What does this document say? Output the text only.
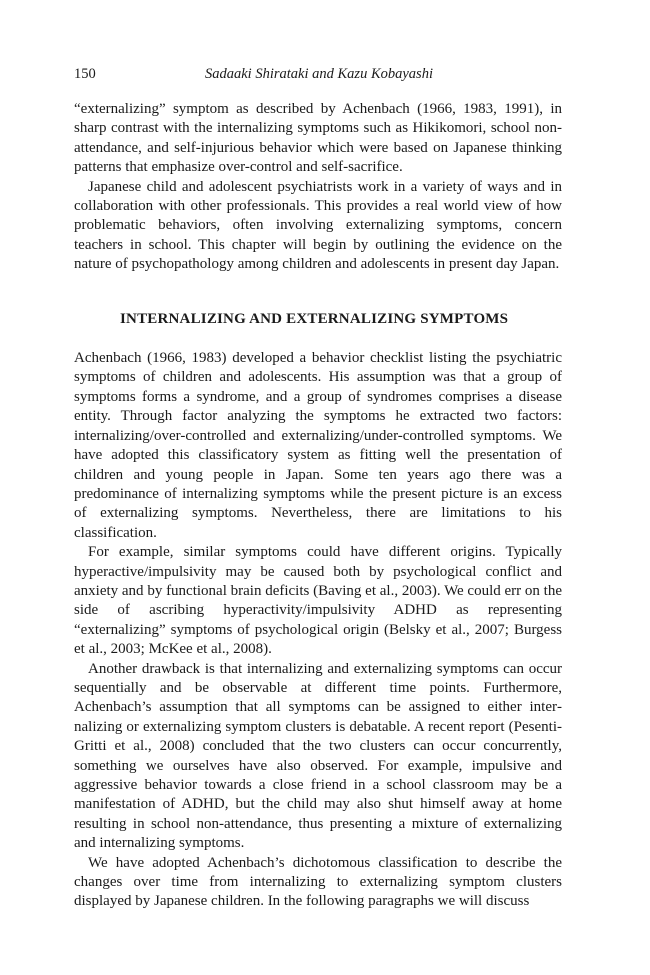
150	Sadaaki Shirataki and Kazu Kobayashi

“externalizing” symptom as described by Achenbach (1966, 1983, 1991), in sharp contrast with the internalizing symptoms such as Hikikomori, school non-attendance, and self-injurious behavior which were based on Japanese thinking patterns that emphasize over-control and self-sacrifice.

Japanese child and adolescent psychiatrists work in a variety of ways and in collaboration with other professionals. This provides a real world view of how problematic behaviors, often involving externalizing symptoms, concern teachers in school. This chapter will begin by outlining the evidence on the nature of psychopathology among children and adolescents in present day Japan.

INTERNALIZING AND EXTERNALIZING SYMPTOMS

Achenbach (1966, 1983) developed a behavior checklist listing the psychiatric symptoms of children and adolescents. His assumption was that a group of symptoms forms a syndrome, and a group of syndromes comprises a disease entity. Through factor analyzing the symptoms he extracted two factors: internalizing/over-controlled and externalizing/under-controlled symptoms. We have adopted this classificatory system as fitting well the presentation of children and young people in Japan. Some ten years ago there was a predominance of internalizing symptoms while the present picture is an excess of externalizing symptoms. Nevertheless, there are limitations to his classification.

For example, similar symptoms could have different origins. Typically hyperactive/impulsivity may be caused both by psychological conflict and anxiety and by functional brain deficits (Baving et al., 2003). We could err on the side of ascribing hyperactivity/impulsivity ADHD as representing “externalizing” symptoms of psychological origin (Belsky et al., 2007; Burgess et al., 2003; McKee et al., 2008).

Another drawback is that internalizing and externalizing symptoms can occur sequentially and be observable at different time points. Furthermore, Achenbach’s assumption that all symptoms can be assigned to either internalizing or externalizing symptom clusters is debatable. A recent report (Pesenti-Gritti et al., 2008) concluded that the two clusters can occur concurrently, something we ourselves have also observed. For example, impulsive and aggressive behavior towards a close friend in a school classroom may be a manifestation of ADHD, but the child may also shut himself away at home resulting in school non-attendance, thus presenting a mixture of externalizing and internalizing symptoms.

We have adopted Achenbach’s dichotomous classification to describe the changes over time from internalizing to externalizing symptom clusters displayed by Japanese children. In the following paragraphs we will discuss
